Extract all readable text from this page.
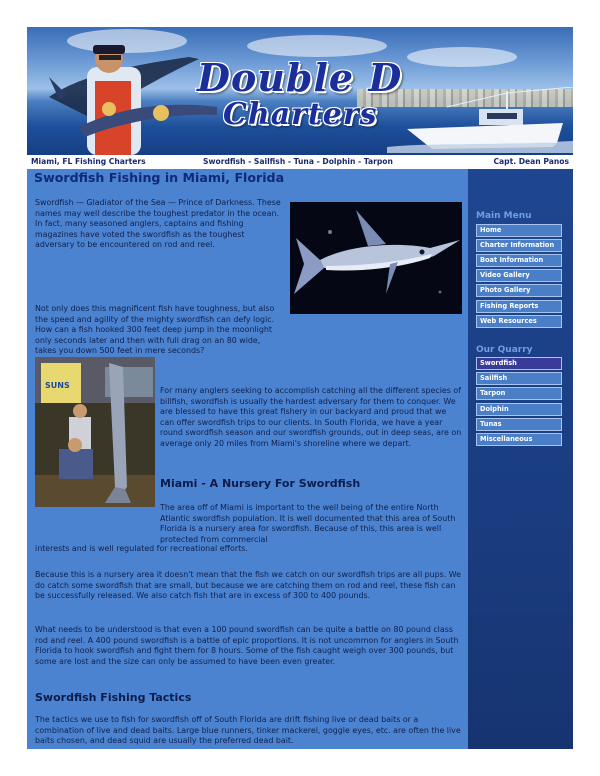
Double D
Charters
Miami, FL Fishing Charters	Swordfish - Sailfish - Tuna - Dolphin - Tarpon	Capt. Dean Panos
Swordfish Fishing in Miami, Florida

Swordfish — Gladiator of the Sea — Prince of Darkness. These names may well describe the toughest predator in the ocean. In fact, many seasoned anglers, captains and fishing magazines have voted the swordfish as the toughest adversary to be encountered on rod and reel.

Not only does this magnificent fish have toughness, but also the speed and agility of the mighty swordfish can defy logic. How can a fish hooked 300 feet deep jump in the moonlight only seconds later and then with full drag on an 80 wide, takes you down 500 feet in mere seconds?

SUNS

For many anglers seeking to accomplish catching all the different species of billfish, swordfish is usually the hardest adversary for them to conquer. We are blessed to have this great fishery in our backyard and proud that we can offer swordfish trips to our clients. In South Florida, we have a year round swordfish season and our swordfish grounds, out in deep seas, are on average only 20 miles from Miami's shoreline where we depart.

Miami - A Nursery For Swordfish

The area off of Miami is important to the well being of the entire North Atlantic swordfish population. It is well documented that this area of South Florida is a nursery area for swordfish. Because of this, this area is well protected from commercial

interests and is well regulated for recreational efforts.

Because this is a nursery area it doesn't mean that the fish we catch on our swordfish trips are all pups. We do catch some swordfish that are small, but because we are catching them on rod and reel, these fish can be successfully released. We also catch fish that are in excess of 300 to 400 pounds.

What needs to be understood is that even a 100 pound swordfish can be quite a battle on 80 pound class rod and reel. A 400 pound swordfish is a battle of epic proportions. It is not uncommon for anglers in South Florida to hook swordfish and fight them for 8 hours. Some of the fish caught weigh over 300 pounds, but some are lost and the size can only be assumed to have been even greater.

Swordfish Fishing Tactics

The tactics we use to fish for swordfish off of South Florida are drift fishing live or dead baits or a combination of live and dead baits. Large blue runners, tinker mackerel, goggle eyes, etc. are often the live baits chosen, and dead squid are usually the preferred dead bait.

Main Menu
Home
Charter Information
Boat Information
Video Gallery
Photo Gallery
Fishing Reports
Web Resources
Our Quarry
Swordfish
Sailfish
Tarpon
Dolphin
Tunas
Miscellaneous
